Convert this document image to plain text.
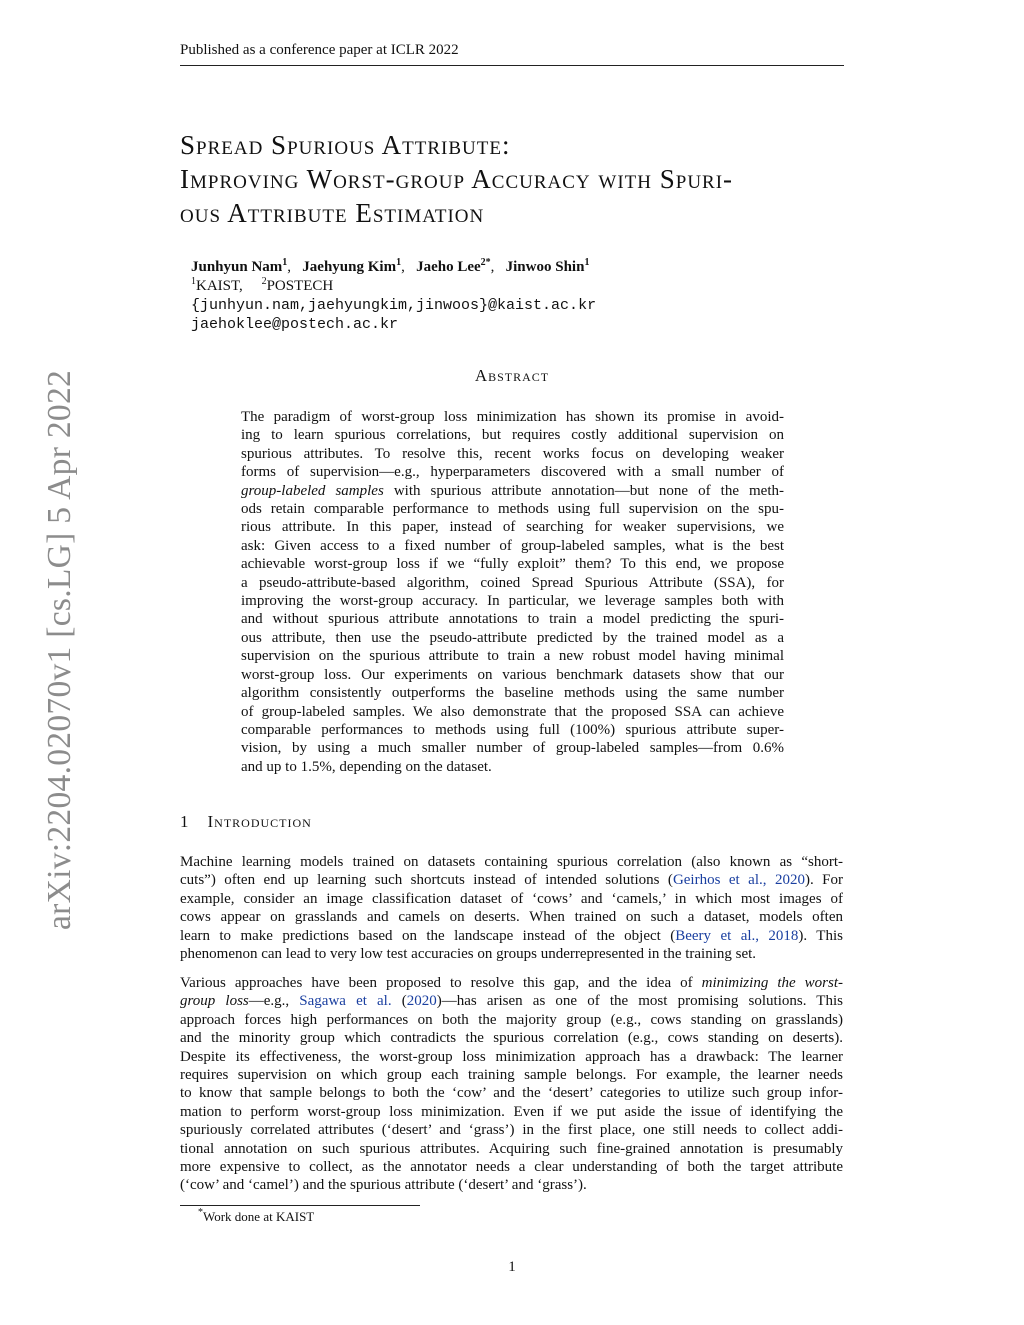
Published as a conference paper at ICLR 2022
arXiv:2204.02070v1 [cs.LG] 5 Apr 2022
Spread Spurious Attribute:
Improving Worst-group Accuracy with Spuri-
ous Attribute Estimation
Junhyun Nam$^1$,   Jaehyung Kim$^1$,   Jaeho Lee$^{2*}$,   Jinwoo Shin$^1$
$^1$KAIST, $^2$POSTECH
{junhyun.nam,jaehyungkim,jinwoos}@kaist.ac.kr
jaehoklee@postech.ac.kr
Abstract
The paradigm of worst-group loss minimization has shown its promise in avoid-
ing to learn spurious correlations, but requires costly additional supervision on
spurious attributes. To resolve this, recent works focus on developing weaker
forms of supervision—e.g., hyperparameters discovered with a small number of
group-labeled samples with spurious attribute annotation—but none of the meth-
ods retain comparable performance to methods using full supervision on the spu-
rious attribute. In this paper, instead of searching for weaker supervisions, we
ask: Given access to a fixed number of group-labeled samples, what is the best
achievable worst-group loss if we “fully exploit” them? To this end, we propose
a pseudo-attribute-based algorithm, coined Spread Spurious Attribute (SSA), for
improving the worst-group accuracy. In particular, we leverage samples both with
and without spurious attribute annotations to train a model predicting the spuri-
ous attribute, then use the pseudo-attribute predicted by the trained model as a
supervision on the spurious attribute to train a new robust model having minimal
worst-group loss. Our experiments on various benchmark datasets show that our
algorithm consistently outperforms the baseline methods using the same number
of group-labeled samples. We also demonstrate that the proposed SSA can achieve
comparable performances to methods using full (100%) spurious attribute super-
vision, by using a much smaller number of group-labeled samples—from 0.6%
and up to 1.5%, depending on the dataset.
1 Introduction
Machine learning models trained on datasets containing spurious correlation (also known as “short-
cuts”) often end up learning such shortcuts instead of intended solutions (Geirhos et al., 2020). For
example, consider an image classification dataset of ‘cows’ and ‘camels,’ in which most images of
cows appear on grasslands and camels on deserts. When trained on such a dataset, models often
learn to make predictions based on the landscape instead of the object (Beery et al., 2018). This
phenomenon can lead to very low test accuracies on groups underrepresented in the training set.
Various approaches have been proposed to resolve this gap, and the idea of minimizing the worst-
group loss—e.g., Sagawa et al. (2020)—has arisen as one of the most promising solutions. This
approach forces high performances on both the majority group (e.g., cows standing on grasslands)
and the minority group which contradicts the spurious correlation (e.g., cows standing on deserts).
Despite its effectiveness, the worst-group loss minimization approach has a drawback: The learner
requires supervision on which group each training sample belongs. For example, the learner needs
to know that sample belongs to both the ‘cow’ and the ‘desert’ categories to utilize such group infor-
mation to perform worst-group loss minimization. Even if we put aside the issue of identifying the
spuriously correlated attributes (‘desert’ and ‘grass’) in the first place, one still needs to collect addi-
tional annotation on such spurious attributes. Acquiring such fine-grained annotation is presumably
more expensive to collect, as the annotator needs a clear understanding of both the target attribute
(‘cow’ and ‘camel’) and the spurious attribute (‘desert’ and ‘grass’).
*Work done at KAIST
1
